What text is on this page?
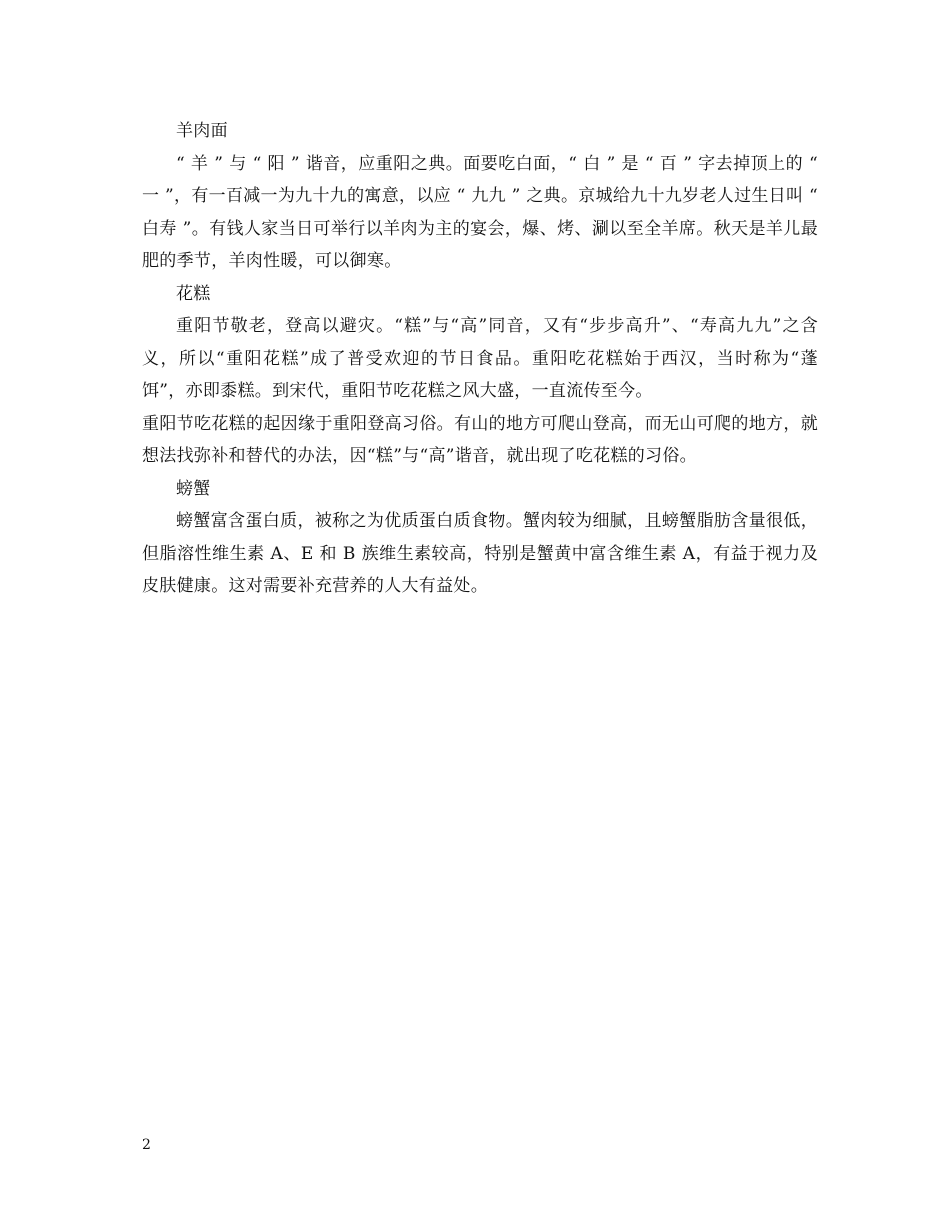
羊肉面

“ 羊 ” 与 “ 阳 ” 谐音，应重阳之典。面要吃白面，“ 白 ” 是 “ 百 ” 字去掉顶上的 “ 一 ”，有一百减一为九十九的寓意，以应 “ 九九 ” 之典。京城给九十九岁老人过生日叫 “ 白寿 ”。有钱人家当日可举行以羊肉为主的宴会，爆、烤、涮以至全羊席。秋天是羊儿最肥的季节，羊肉性暖，可以御寒。

花糕

重阳节敬老，登高以避灾。“糕”与“高”同音，又有“步步高升”、“寿高九九”之含义，所以“重阳花糕”成了普受欢迎的节日食品。重阳吃花糕始于西汉，当时称为“蓬饵”，亦即黍糕。到宋代，重阳节吃花糕之风大盛，一直流传至今。

重阳节吃花糕的起因缘于重阳登高习俗。有山的地方可爬山登高，而无山可爬的地方，就想法找弥补和替代的办法，因“糕”与“高”谐音，就出现了吃花糕的习俗。

螃蟹

螃蟹富含蛋白质，被称之为优质蛋白质食物。蟹肉较为细腻，且螃蟹脂肪含量很低，但脂溶性维生素 A、E 和 B 族维生素较高，特别是蟹黄中富含维生素 A，有益于视力及皮肤健康。这对需要补充营养的人大有益处。

2
